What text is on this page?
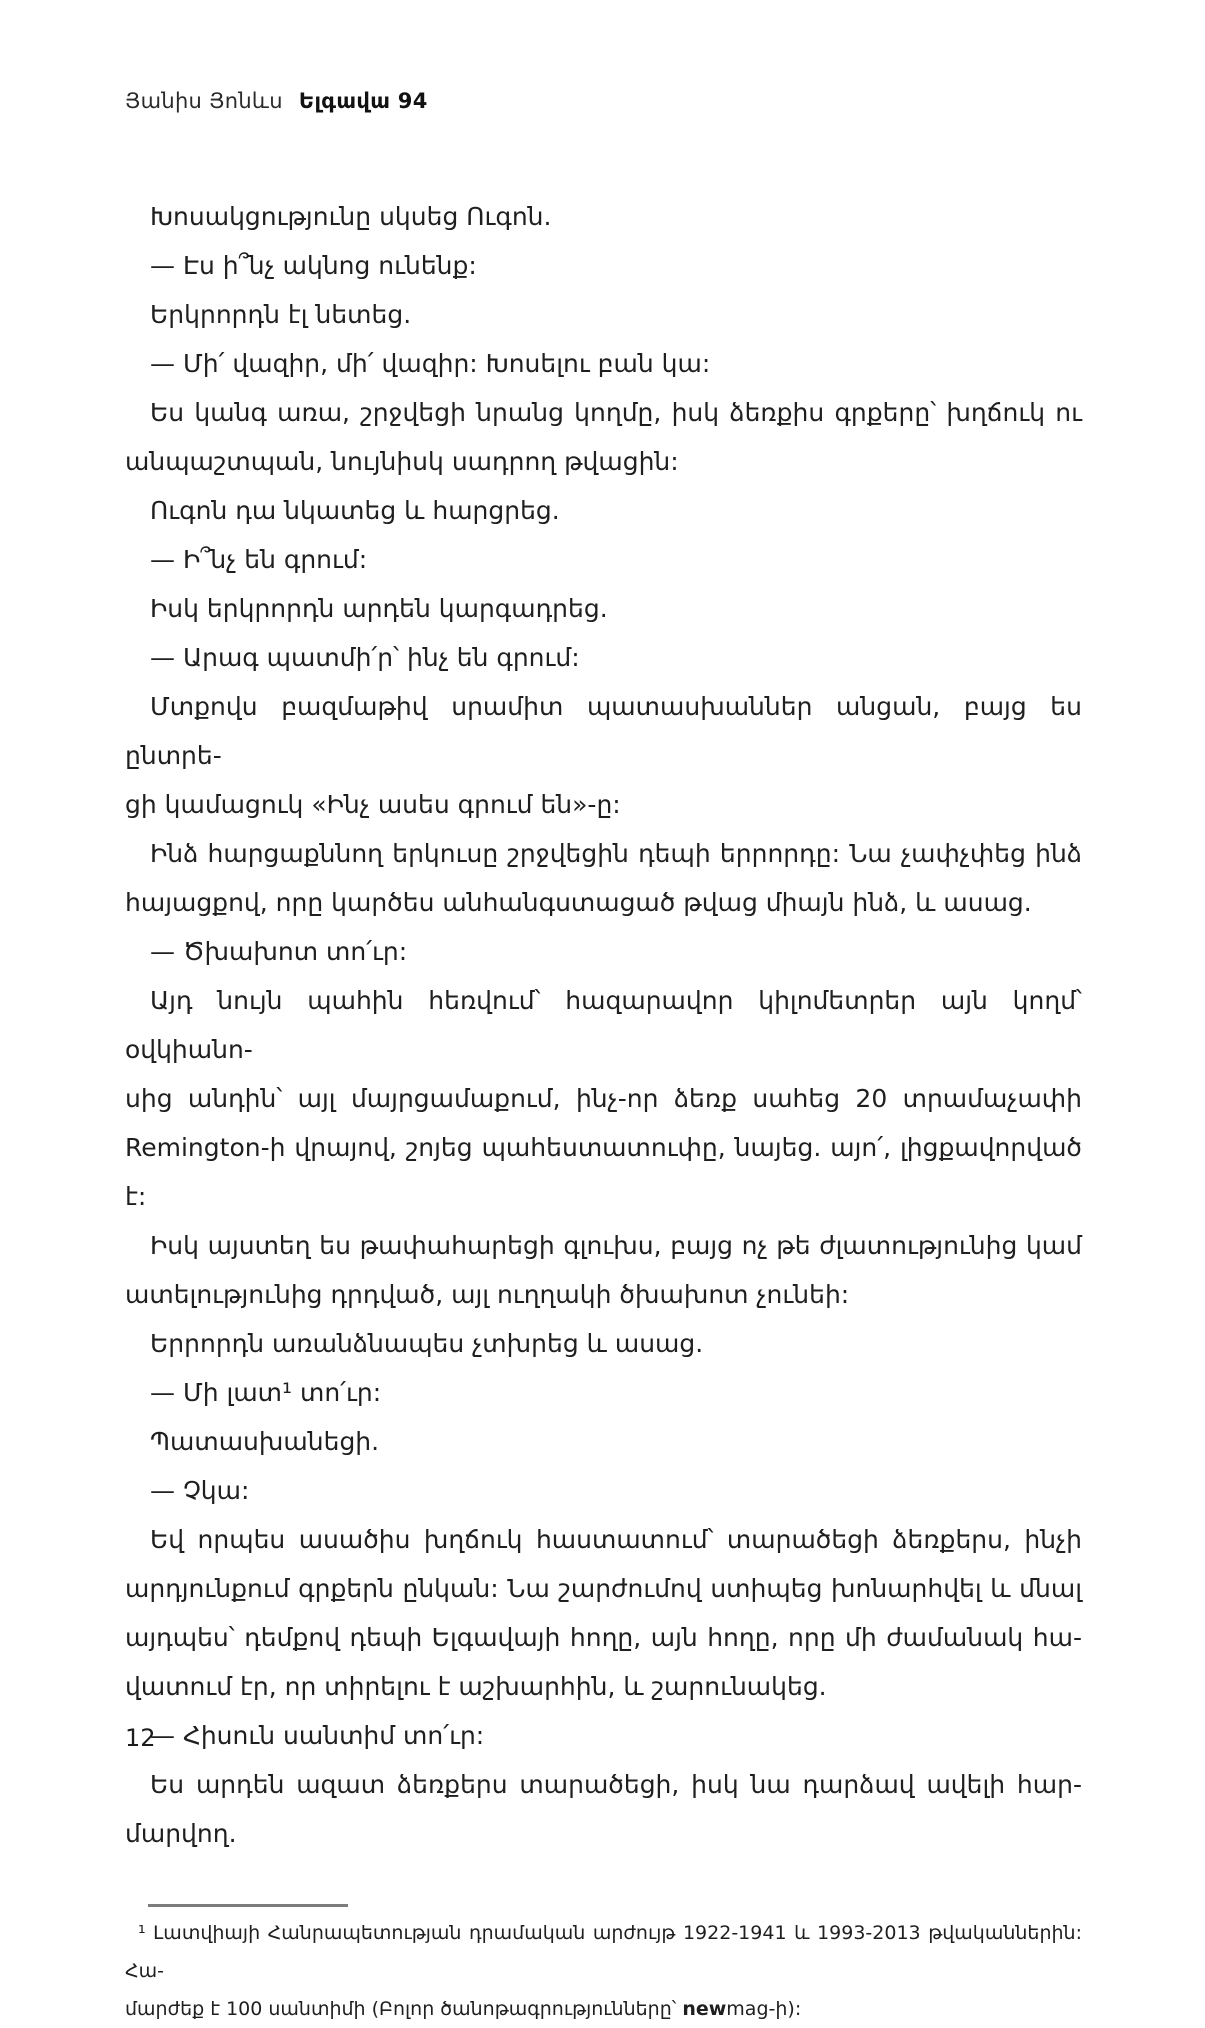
Յանիս Յոնևս Ելգավա 94
Խոսակցությունը սկսեց Ուգոն.
— Էս ի՞նչ ակնոց ունենք:
Երկրորդն էլ նետեց.
— Մի՛ վազիր, մի՛ վազիր: Խոսելու բան կա:
Ես կանգ առա, շրջվեցի նրանց կողմը, իսկ ձեռքիս գրքերը՝ խղճուկ ու
անպաշտպան, նույնիսկ սադրող թվացին:
Ուգոն դա նկատեց և հարցրեց.
— Ի՞նչ են գրում:
Իսկ երկրորդն արդեն կարգադրեց.
— Արագ պատմի՛ր՝ ինչ են գրում:
Մտքովս բազմաթիվ սրամիտ պատասխաններ անցան, բայց ես ընտրե-
ցի կամացուկ «Ինչ ասես գրում են»-ը:
Ինձ հարցաքննող երկուսը շրջվեցին դեպի երրորդը: Նա չափչփեց ինձ
հայացքով, որը կարծես անհանգստացած թվաց միայն ինձ, և ասաց.
— Ծխախոտ տո՛ւր:
Այդ նույն պահին հեռվում՝ հազարավոր կիլոմետրեր այն կողմ՝ օվկիանո-
սից անդին՝ այլ մայրցամաքում, ինչ-որ ձեռք սահեց 20 տրամաչափի
Remington-ի վրայով, շոյեց պահեստատուփը, նայեց. այո՛, լիցքավորված է:
Իսկ այստեղ ես թափահարեցի գլուխս, բայց ոչ թե ժլատությունից կամ
ատելությունից դրդված, այլ ուղղակի ծխախոտ չունեի:
Երրորդն առանձնապես չտխրեց և ասաց.
— Մի լատ¹ տո՛ւր:
Պատասխանեցի.
— Չկա:
Եվ որպես ասածիս խղճուկ հաստատում՝ տարածեցի ձեռքերս, ինչի
արդյունքում գրքերն ընկան: Նա շարժումով ստիպեց խոնարհվել և մնալ
այդպես՝ դեմքով դեպի Ելգավայի հողը, այն հողը, որը մի ժամանակ հա-
վատում էր, որ տիրելու է աշխարհին, և շարունակեց.
— Հիսուն սանտիմ տո՛ւր:
Ես արդեն ազատ ձեռքերս տարածեցի, իսկ նա դարձավ ավելի հար-
մարվող.
¹ Լատվիայի Հանրապետության դրամական արժույթ 1922-1941 և 1993-2013 թվականներին: Հա-
մարժեք է 100 սանտիմի (Բոլոր ծանոթագրությունները՝ newmag-ի):
12
